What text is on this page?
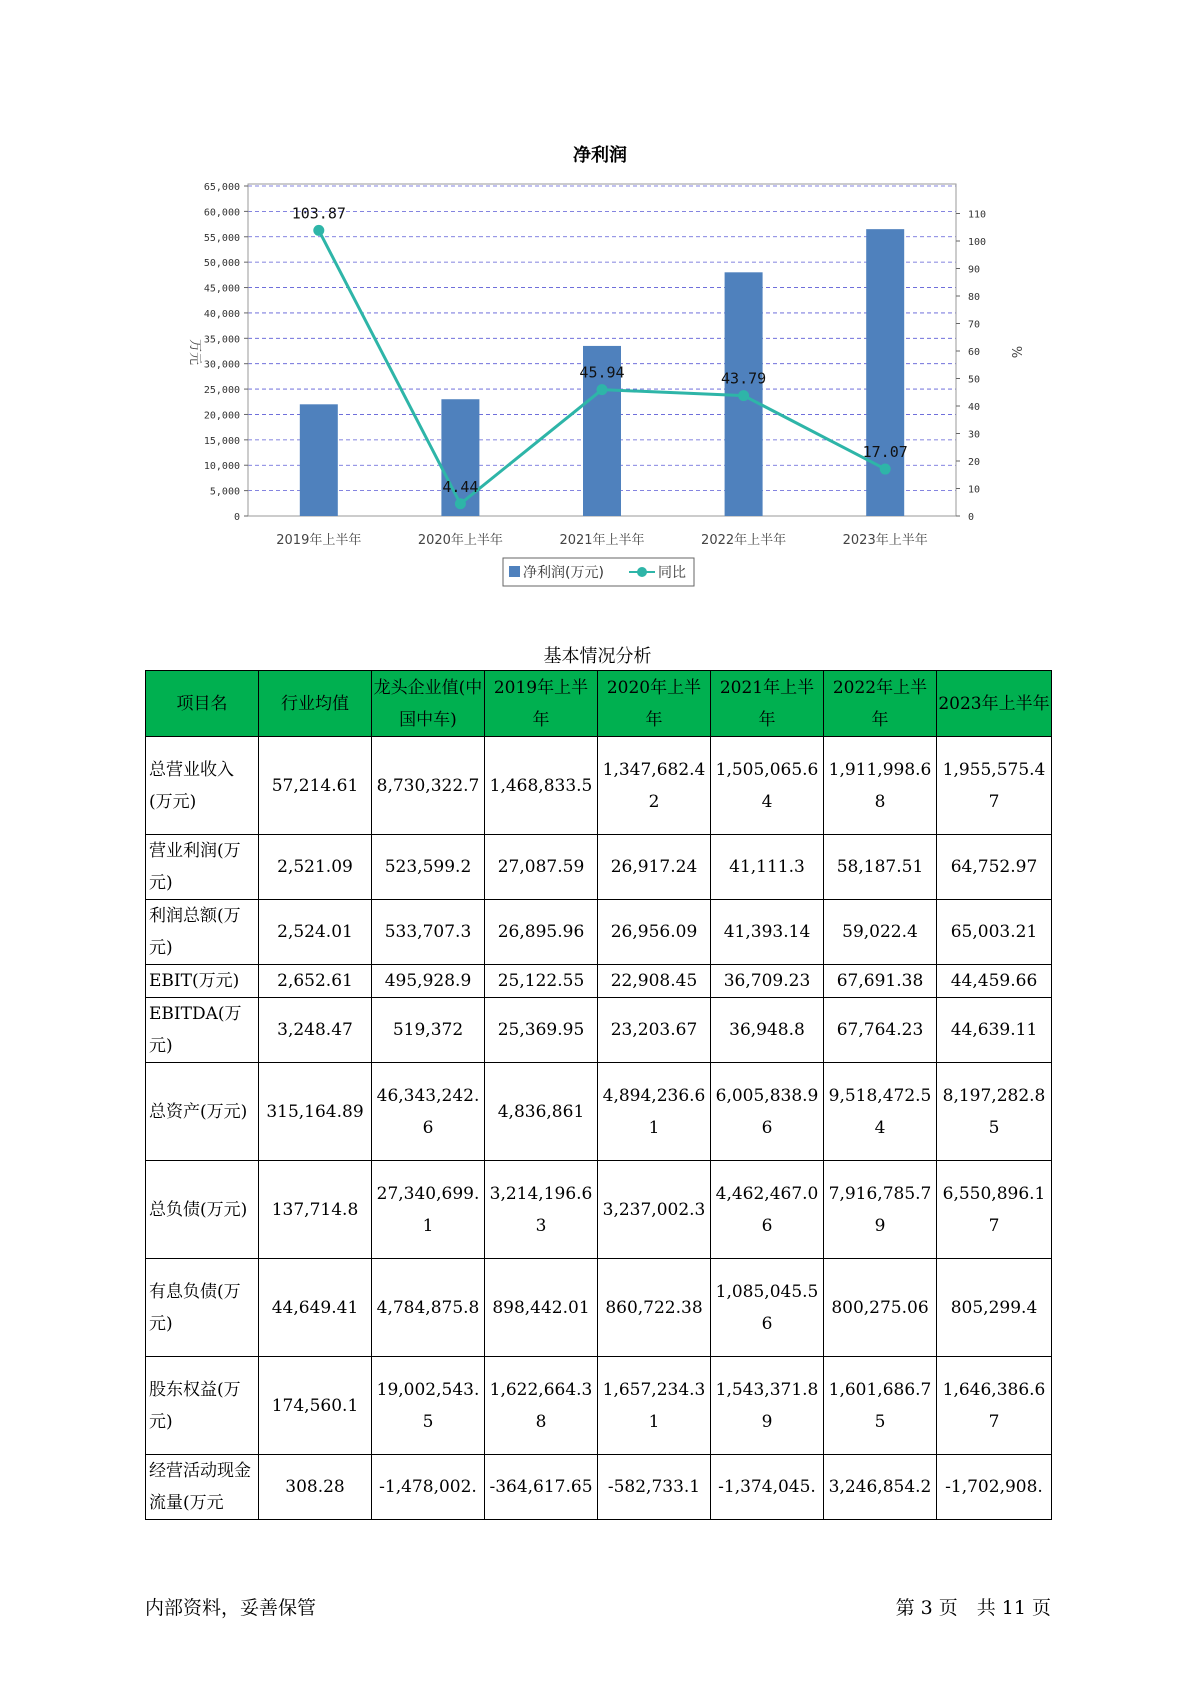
净利润
103.87
4.44
45.94	43.79
17.07
0
5,000
10,000
15,000
20,000
25,000
30,000
35,000
40,000
45,000
50,000
55,000
60,000
65,000
0
10
20
30
40
50
60
70
80
90
100
110
2019年上半年	2020年上半年	2021年上半年	2022年上半年	2023年上半年
万元	%
净利润(万元)	同比
基本情况分析
项目名	行业均值	龙头企业值(中国中车)	2019年上半年	2020年上半年	2021年上半年	2022年上半年	2023年上半年
总营业收入(万元)	57,214.61	8,730,322.7	1,468,833.5	1,347,682.42	1,505,065.64	1,911,998.68	1,955,575.47
营业利润(万元)	2,521.09	523,599.2	27,087.59	26,917.24	41,111.3	58,187.51	64,752.97
利润总额(万元)	2,524.01	533,707.3	26,895.96	26,956.09	41,393.14	59,022.4	65,003.21
EBIT(万元)	2,652.61	495,928.9	25,122.55	22,908.45	36,709.23	67,691.38	44,459.66
EBITDA(万元)	3,248.47	519,372	25,369.95	23,203.67	36,948.8	67,764.23	44,639.11
总资产(万元)	315,164.89	46,343,242.6	4,836,861	4,894,236.61	6,005,838.96	9,518,472.54	8,197,282.85
总负债(万元)	137,714.8	27,340,699.1	3,214,196.63	3,237,002.3	4,462,467.06	7,916,785.79	6,550,896.17
有息负债(万元)	44,649.41	4,784,875.8	898,442.01	860,722.38	1,085,045.56	800,275.06	805,299.4
股东权益(万元)	174,560.1	19,002,543.5	1,622,664.38	1,657,234.31	1,543,371.89	1,601,686.75	1,646,386.67
经营活动现金流量(万元	308.28	-1,478,002.	-364,617.65	-582,733.1	-1,374,045.	3,246,854.2	-1,702,908.
内部资料，妥善保管	第 3 页　共 11 页
